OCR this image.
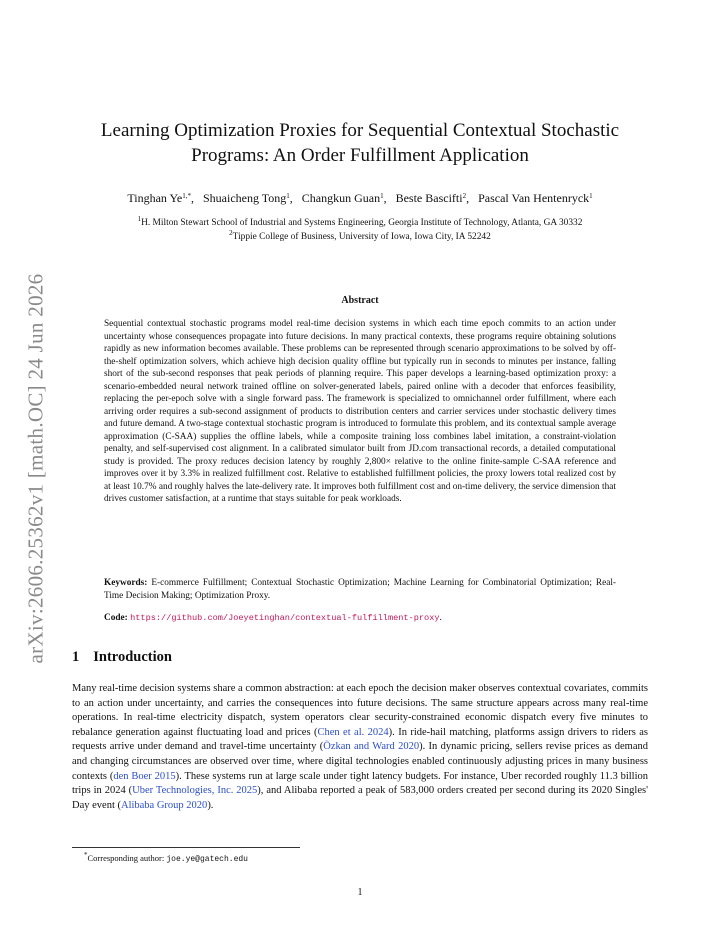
arXiv:2606.25362v1 [math.OC] 24 Jun 2026
Learning Optimization Proxies for Sequential Contextual Stochastic
Programs: An Order Fulfillment Application
Tinghan $Ye^{1,*}$, Shuaicheng Tong$^1$, Changkun Guan$^1$, Beste Bascifti$^2$, Pascal Van Hentenryck$^1$
$^1$H. Milton Stewart School of Industrial and Systems Engineering, Georgia Institute of Technology, Atlanta, GA 30332
$^2$Tippie College of Business, University of Iowa, Iowa City, IA 52242
Abstract

Sequential contextual stochastic programs model real-time decision systems in which each time epoch commits to an action under uncertainty whose consequences propagate into future decisions. In many practical contexts, these programs require obtaining solutions rapidly as new information becomes available. These problems can be represented through scenario approximations to be solved by off-the-shelf optimization solvers, which achieve high decision quality offline but typically run in seconds to minutes per instance, falling short of the sub-second responses that peak periods of planning require. This paper develops a learning-based optimization proxy: a scenario-embedded neural network trained offline on solver-generated labels, paired online with a decoder that enforces feasibility, replacing the per-epoch solve with a single forward pass. The framework is specialized to omnichannel order fulfillment, where each arriving order requires a sub-second assignment of products to distribution centers and carrier services under stochastic delivery times and future demand. A two-stage contextual stochastic program is introduced to formulate this problem, and its contextual sample average approximation (C-SAA) supplies the offline labels, while a composite training loss combines label imitation, a constraint-violation penalty, and self-supervised cost alignment. In a calibrated simulator built from JD.com transactional records, a detailed computational study is provided. The proxy reduces decision latency by roughly 2,800× relative to the online finite-sample C-SAA reference and improves over it by 3.3% in realized fulfillment cost. Relative to established fulfillment policies, the proxy lowers total realized cost by at least 10.7% and roughly halves the late-delivery rate. It improves both fulfillment cost and on-time delivery, the service dimension that drives customer satisfaction, at a runtime that stays suitable for peak workloads.

Keywords: E-commerce Fulfillment; Contextual Stochastic Optimization; Machine Learning for Combinatorial Optimization; Real-Time Decision Making; Optimization Proxy.

Code: https://github.com/Joeyetinghan/contextual-fulfillment-proxy.

1 Introduction

Many real-time decision systems share a common abstraction: at each epoch the decision maker observes contextual covariates, commits to an action under uncertainty, and carries the consequences into future decisions. The same structure appears across many real-time operations. In real-time electricity dispatch, system operators clear security-constrained economic dispatch every five minutes to rebalance generation against fluctuating load and prices (Chen et al. 2024). In ride-hail matching, platforms assign drivers to riders as requests arrive under demand and travel-time uncertainty (Özkan and Ward 2020). In dynamic pricing, sellers revise prices as demand and changing circumstances are observed over time, where digital technologies enabled continuously adjusting prices in many business contexts (den Boer 2015). These systems run at large scale under tight latency budgets. For instance, Uber recorded roughly 11.3 billion trips in 2024 (Uber Technologies, Inc. 2025), and Alibaba reported a peak of 583,000 orders created per second during its 2020 Singles' Day event (Alibaba Group 2020).

*Corresponding author: joe.ye@gatech.edu
1
